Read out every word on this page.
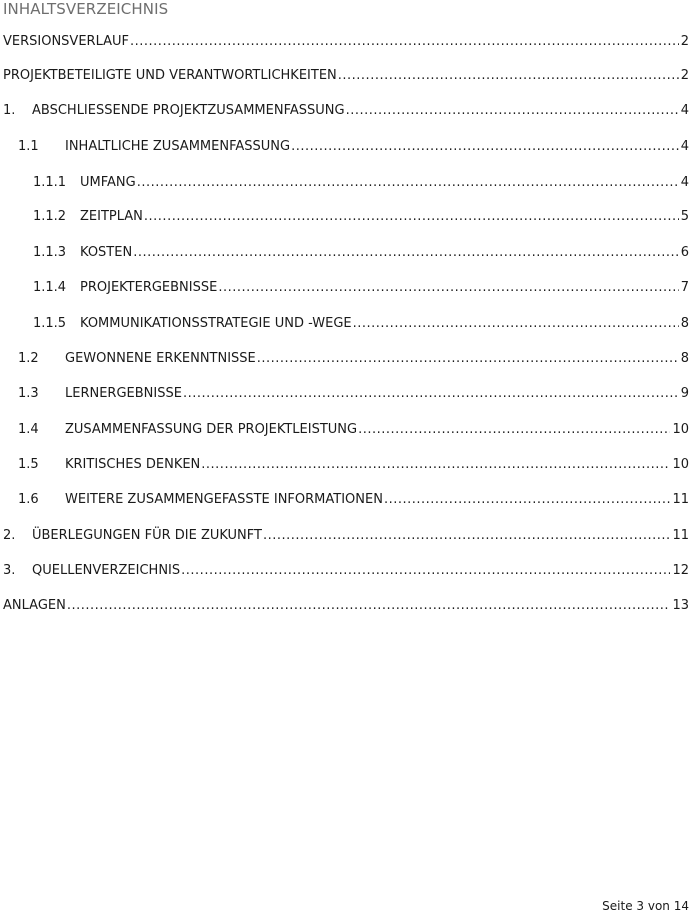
INHALTSVERZEICHNIS
VERSIONSVERLAUF .....	2
PROJEKTBETEILIGTE UND VERANTWORTLICHKEITEN .....	2
1.	ABSCHLIESSENDE PROJEKTZUSAMMENFASSUNG .....	4
1.1	INHALTLICHE ZUSAMMENFASSUNG .....	4
1.1.1	UMFANG .....	4
1.1.2	ZEITPLAN .....	5
1.1.3	KOSTEN .....	6
1.1.4	PROJEKTERGEBNISSE .....	7
1.1.5	KOMMUNIKATIONSSTRATEGIE UND -WEGE .....	8
1.2	GEWONNENE ERKENNTNISSE .....	8
1.3	LERNERGEBNISSE .....	9
1.4	ZUSAMMENFASSUNG DER PROJEKTLEISTUNG .....	10
1.5	KRITISCHES DENKEN .....	10
1.6	WEITERE ZUSAMMENGEFASSTE INFORMATIONEN .....	11
2.	ÜBERLEGUNGEN FÜR DIE ZUKUNFT .....	11
3.	QUELLENVERZEICHNIS .....	12
ANLAGEN .....	13
Seite 3 von 14
